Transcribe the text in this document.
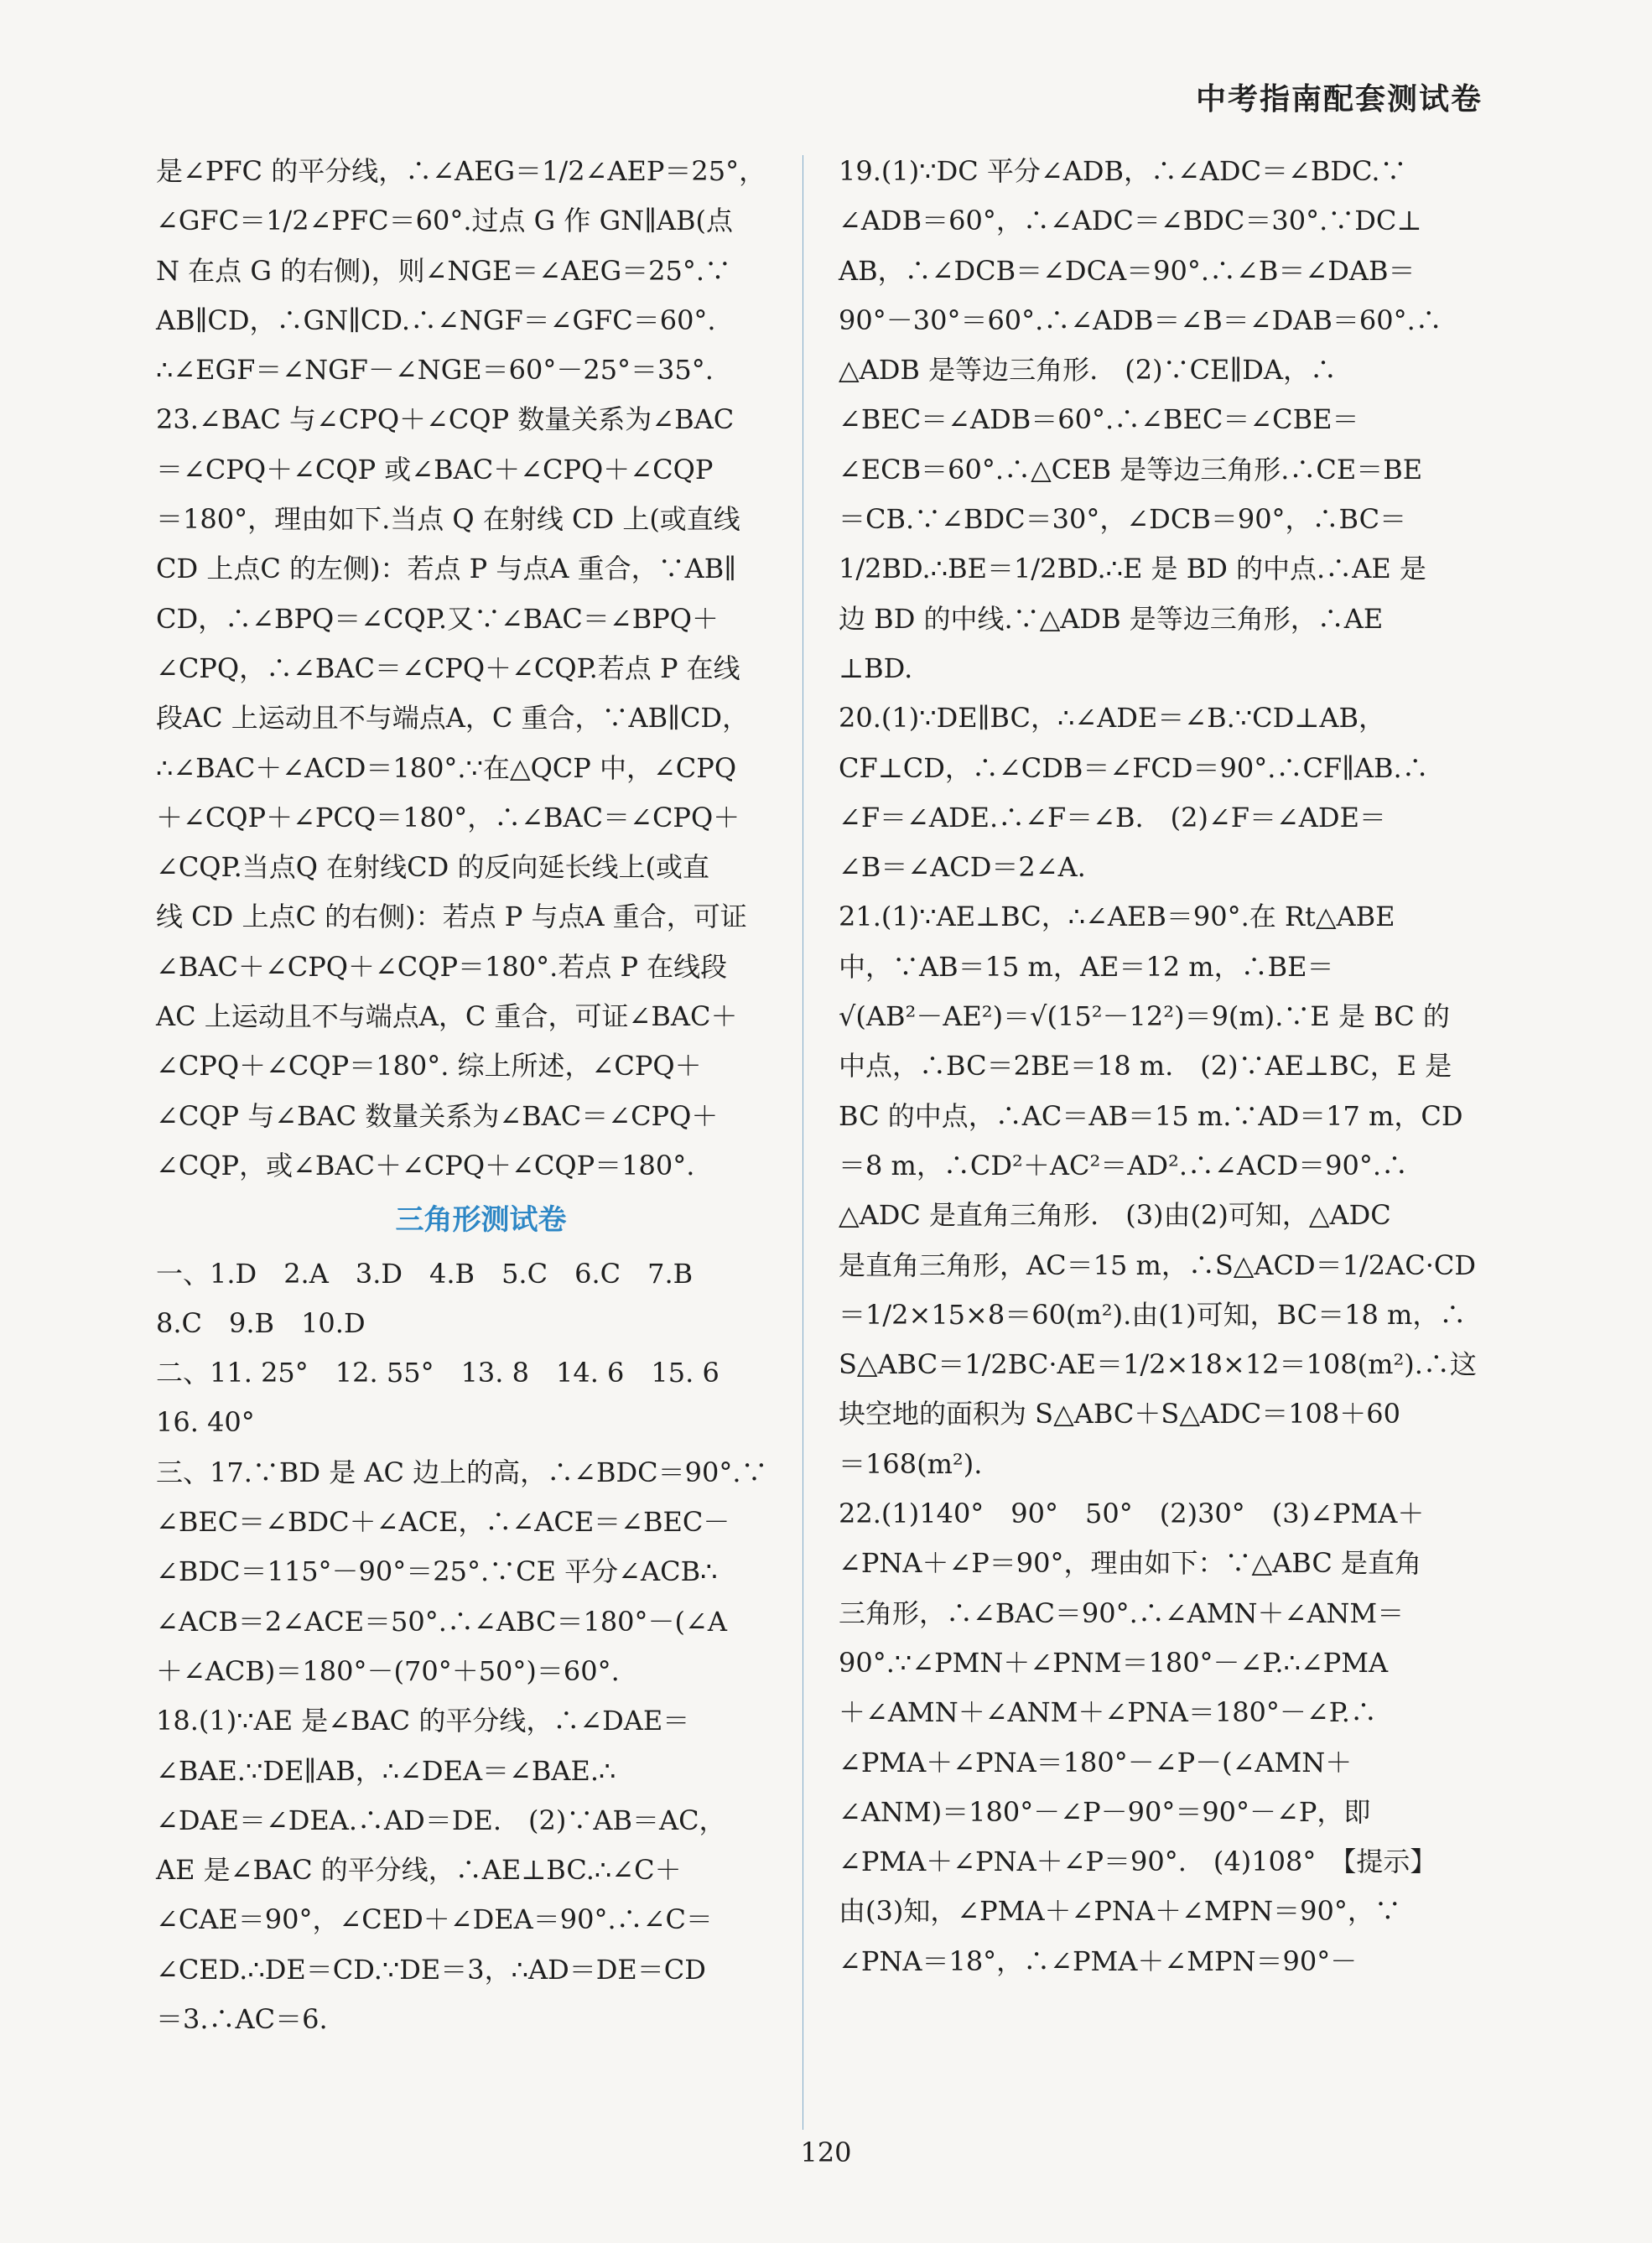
中考指南配套测试卷

是∠PFC 的平分线，∴∠AEG＝1/2∠AEP＝25°，

∠GFC＝1/2∠PFC＝60°.过点 G 作 GN∥AB(点

N 在点 G 的右侧)，则∠NGE＝∠AEG＝25°.∵

AB∥CD，∴GN∥CD.∴∠NGF＝∠GFC＝60°.

∴∠EGF＝∠NGF－∠NGE＝60°－25°＝35°.

23.∠BAC 与∠CPQ＋∠CQP 数量关系为∠BAC

＝∠CPQ＋∠CQP 或∠BAC＋∠CPQ＋∠CQP

＝180°，理由如下.当点 Q 在射线 CD 上(或直线

CD 上点C 的左侧)：若点 P 与点A 重合，∵AB∥

CD，∴∠BPQ＝∠CQP.又∵∠BAC＝∠BPQ＋

∠CPQ，∴∠BAC＝∠CPQ＋∠CQP.若点 P 在线

段AC 上运动且不与端点A，C 重合，∵AB∥CD，

∴∠BAC＋∠ACD＝180°.∵在△QCP 中，∠CPQ

＋∠CQP＋∠PCQ＝180°，∴∠BAC＝∠CPQ＋

∠CQP.当点Q 在射线CD 的反向延长线上(或直

线 CD 上点C 的右侧)：若点 P 与点A 重合，可证

∠BAC＋∠CPQ＋∠CQP＝180°.若点 P 在线段

AC 上运动且不与端点A，C 重合，可证∠BAC＋

∠CPQ＋∠CQP＝180°. 综上所述，∠CPQ＋

∠CQP 与∠BAC 数量关系为∠BAC＝∠CPQ＋

∠CQP，或∠BAC＋∠CPQ＋∠CQP＝180°.

三角形测试卷

一、1.D　2.A　3.D　4.B　5.C　6.C　7.B

8.C　9.B　10.D

二、11. 25°　12. 55°　13. 8　14. 6　15. 6

16. 40°

三、17.∵BD 是 AC 边上的高，∴∠BDC＝90°.∵

∠BEC＝∠BDC＋∠ACE，∴∠ACE＝∠BEC－

∠BDC＝115°－90°＝25°.∵CE 平分∠ACB∴

∠ACB＝2∠ACE＝50°.∴∠ABC＝180°－(∠A

＋∠ACB)＝180°－(70°＋50°)＝60°.

18.(1)∵AE 是∠BAC 的平分线，∴∠DAE＝

∠BAE.∵DE∥AB，∴∠DEA＝∠BAE.∴

∠DAE＝∠DEA.∴AD＝DE.　(2)∵AB＝AC，

AE 是∠BAC 的平分线，∴AE⊥BC.∴∠C＋

∠CAE＝90°，∠CED＋∠DEA＝90°.∴∠C＝

∠CED.∴DE＝CD.∵DE＝3，∴AD＝DE＝CD

＝3.∴AC＝6.

19.(1)∵DC 平分∠ADB，∴∠ADC＝∠BDC.∵

∠ADB＝60°，∴∠ADC＝∠BDC＝30°.∵DC⊥

AB，∴∠DCB＝∠DCA＝90°.∴∠B＝∠DAB＝

90°－30°＝60°.∴∠ADB＝∠B＝∠DAB＝60°.∴

△ADB 是等边三角形.　(2)∵CE∥DA，∴

∠BEC＝∠ADB＝60°.∴∠BEC＝∠CBE＝

∠ECB＝60°.∴△CEB 是等边三角形.∴CE＝BE

＝CB.∵∠BDC＝30°，∠DCB＝90°，∴BC＝

1/2BD.∴BE＝1/2BD.∴E 是 BD 的中点.∴AE 是

边 BD 的中线.∵△ADB 是等边三角形，∴AE

⊥BD.

20.(1)∵DE∥BC，∴∠ADE＝∠B.∵CD⊥AB，

CF⊥CD，∴∠CDB＝∠FCD＝90°.∴CF∥AB.∴

∠F＝∠ADE.∴∠F＝∠B.　(2)∠F＝∠ADE＝

∠B＝∠ACD＝2∠A.

21.(1)∵AE⊥BC，∴∠AEB＝90°.在 Rt△ABE

中，∵AB＝15 m，AE＝12 m，∴BE＝

√(AB²－AE²)＝√(15²－12²)＝9(m).∵E 是 BC 的

中点，∴BC＝2BE＝18 m.　(2)∵AE⊥BC，E 是

BC 的中点，∴AC＝AB＝15 m.∵AD＝17 m，CD

＝8 m，∴CD²＋AC²＝AD².∴∠ACD＝90°.∴

△ADC 是直角三角形.　(3)由(2)可知，△ADC

是直角三角形，AC＝15 m，∴S△ACD＝1/2AC·CD

＝1/2×15×8＝60(m²).由(1)可知，BC＝18 m，∴

S△ABC＝1/2BC·AE＝1/2×18×12＝108(m²).∴这

块空地的面积为 S△ABC＋S△ADC＝108＋60

＝168(m²).

22.(1)140°　90°　50°　(2)30°　(3)∠PMA＋

∠PNA＋∠P＝90°，理由如下：∵△ABC 是直角

三角形，∴∠BAC＝90°.∴∠AMN＋∠ANM＝

90°.∵∠PMN＋∠PNM＝180°－∠P.∴∠PMA

＋∠AMN＋∠ANM＋∠PNA＝180°－∠P.∴

∠PMA＋∠PNA＝180°－∠P－(∠AMN＋

∠ANM)＝180°－∠P－90°＝90°－∠P，即

∠PMA＋∠PNA＋∠P＝90°.　(4)108°　【提示】

由(3)知，∠PMA＋∠PNA＋∠MPN＝90°，∵

∠PNA＝18°，∴∠PMA＋∠MPN＝90°－

120
